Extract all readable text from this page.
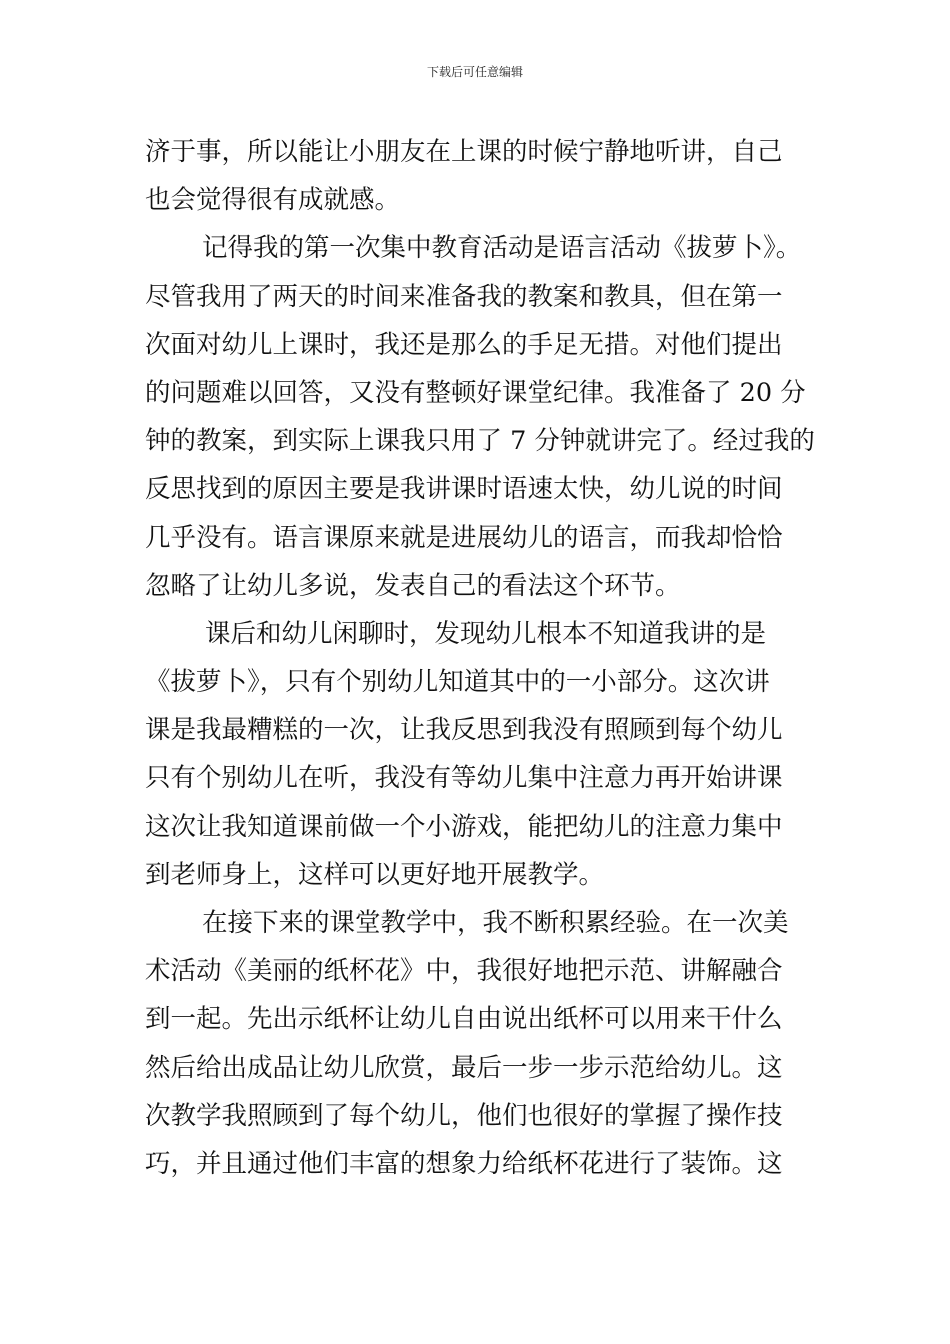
下载后可任意编辑
济于事，所以能让小朋友在上课的时候宁静地听讲，自己
也会觉得很有成就感。
记得我的第一次集中教育活动是语言活动《拔萝卜》。
尽管我用了两天的时间来准备我的教案和教具，但在第一
次面对幼儿上课时，我还是那么的手足无措。对他们提出
的问题难以回答，又没有整顿好课堂纪律。我准备了 20 分
钟的教案，到实际上课我只用了 7 分钟就讲完了。经过我的
反思找到的原因主要是我讲课时语速太快，幼儿说的时间
几乎没有。语言课原来就是进展幼儿的语言，而我却恰恰
忽略了让幼儿多说，发表自己的看法这个环节。
课后和幼儿闲聊时，发现幼儿根本不知道我讲的是
《拔萝卜》，只有个别幼儿知道其中的一小部分。这次讲
课是我最糟糕的一次，让我反思到我没有照顾到每个幼儿
只有个别幼儿在听，我没有等幼儿集中注意力再开始讲课
这次让我知道课前做一个小游戏，能把幼儿的注意力集中
到老师身上，这样可以更好地开展教学。
在接下来的课堂教学中，我不断积累经验。在一次美
术活动《美丽的纸杯花》中，我很好地把示范、讲解融合
到一起。先出示纸杯让幼儿自由说出纸杯可以用来干什么
然后给出成品让幼儿欣赏，最后一步一步示范给幼儿。这
次教学我照顾到了每个幼儿，他们也很好的掌握了操作技
巧，并且通过他们丰富的想象力给纸杯花进行了装饰。这
